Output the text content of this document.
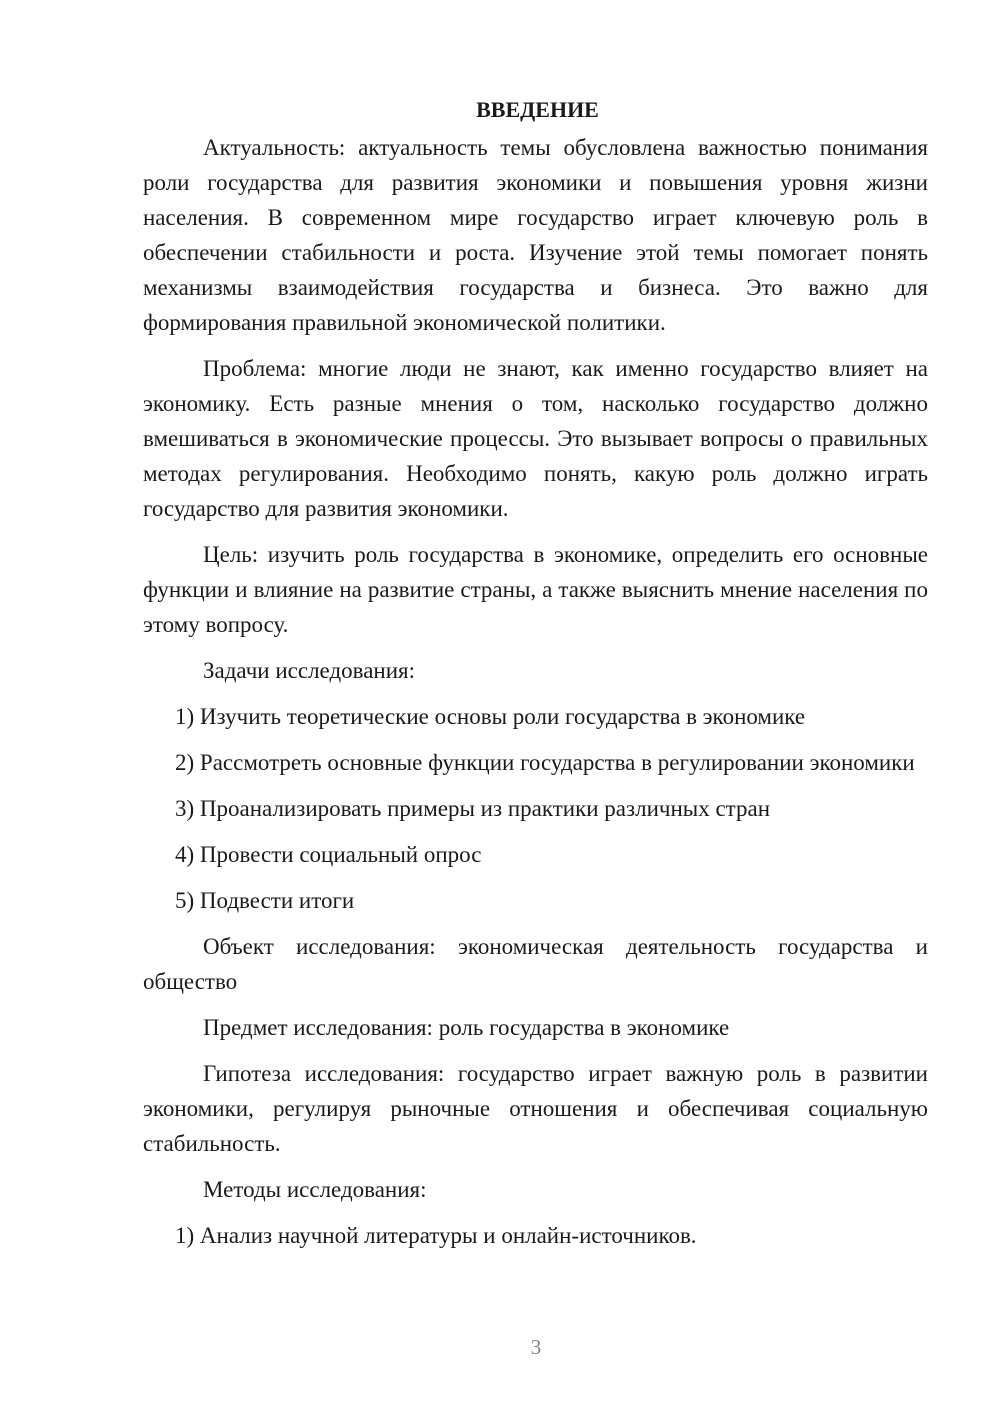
ВВЕДЕНИЕ

Актуальность: актуальность темы обусловлена важностью понимания роли государства для развития экономики и повышения уровня жизни населения. В современном мире государство играет ключевую роль в обеспечении стабильности и роста. Изучение этой темы помогает понять механизмы взаимодействия государства и бизнеса. Это важно для формирования правильной экономической политики.

Проблема: многие люди не знают, как именно государство влияет на экономику. Есть разные мнения о том, насколько государство должно вмешиваться в экономические процессы. Это вызывает вопросы о правильных методах регулирования. Необходимо понять, какую роль должно играть государство для развития экономики.

Цель: изучить роль государства в экономике, определить его основные функции и влияние на развитие страны, а также выяснить мнение населения по этому вопросу.

Задачи исследования:

1) Изучить теоретические основы роли государства в экономике

2) Рассмотреть основные функции государства в регулировании экономики

3) Проанализировать примеры из практики различных стран

4) Провести социальный опрос

5) Подвести итоги

Объект исследования: экономическая деятельность государства и общество

Предмет исследования: роль государства в экономике

Гипотеза исследования: государство играет важную роль в развитии экономики, регулируя рыночные отношения и обеспечивая социальную стабильность.

Методы исследования:

1) Анализ научной литературы и онлайн-источников.

3
